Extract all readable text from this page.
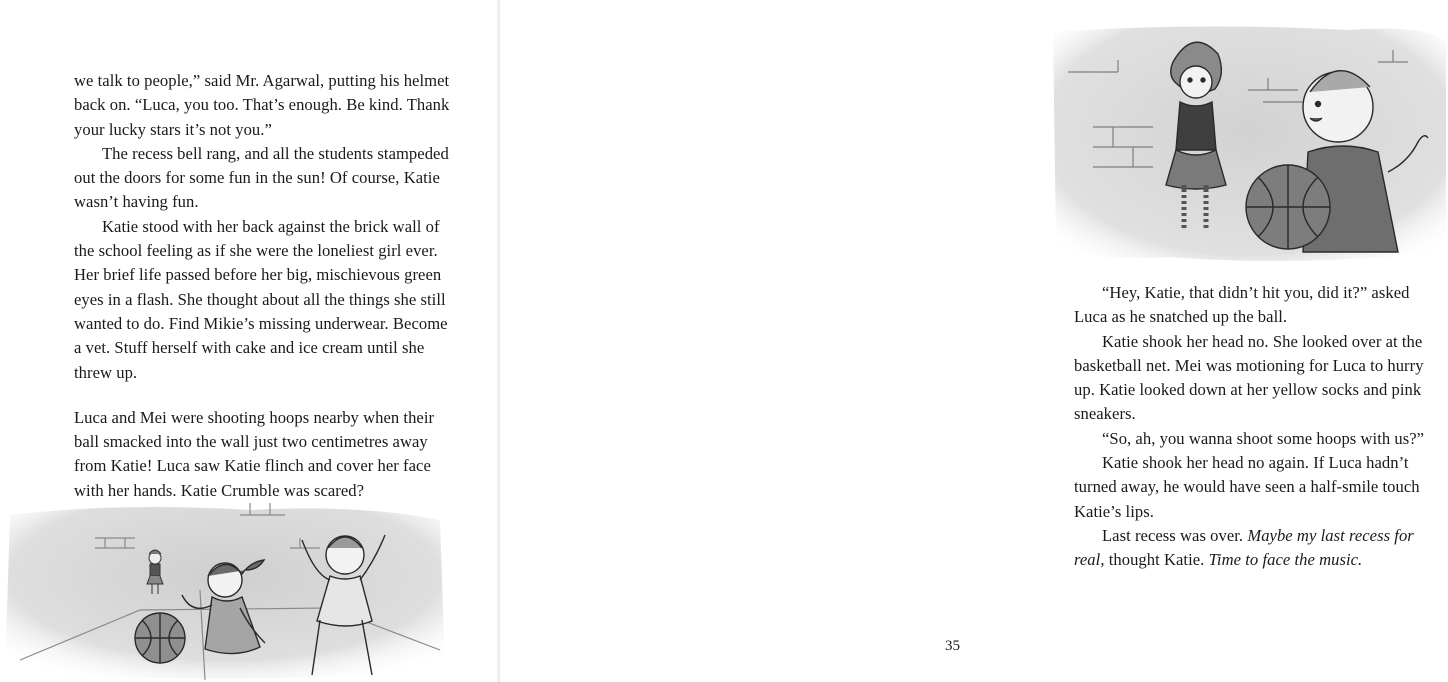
we talk to people,” said Mr. Agarwal, putting his helmet back on. “Luca, you too. That’s enough. Be kind. Thank your lucky stars it’s not you.”

The recess bell rang, and all the students stampeded out the doors for some fun in the sun! Of course, Katie wasn’t having fun.

Katie stood with her back against the brick wall of the school feeling as if she were the loneliest girl ever. Her brief life passed before her big, mischievous green eyes in a flash. She thought about all the things she still wanted to do. Find Mikie’s missing underwear. Become a vet. Stuff herself with cake and ice cream until she threw up.

Luca and Mei were shooting hoops nearby when their ball smacked into the wall just two centimetres away from Katie! Luca saw Katie flinch and cover her face with her hands. Katie Crumble was scared?

“Hey, Katie, that didn’t hit you, did it?” asked Luca as he snatched up the ball.

Katie shook her head no. She looked over at the basketball net. Mei was motioning for Luca to hurry up. Katie looked down at her yellow socks and pink sneakers.

“So, ah, you wanna shoot some hoops with us?”

Katie shook her head no again. If Luca hadn’t turned away, he would have seen a half-smile touch Katie’s lips.

Last recess was over. Maybe my last recess for real, thought Katie. Time to face the music.

35
